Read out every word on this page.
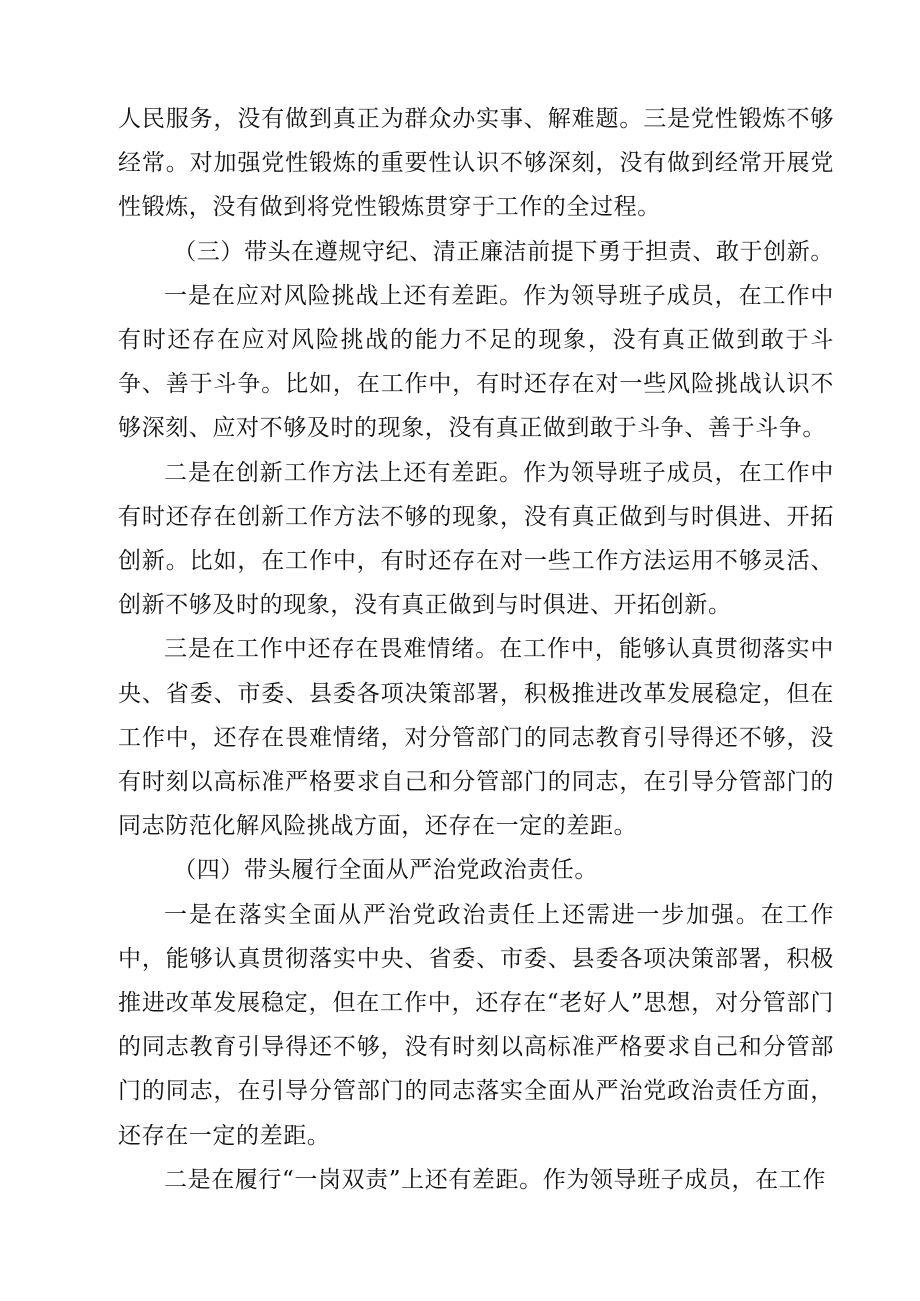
人民服务，没有做到真正为群众办实事、解难题。三是党性锻炼不够经常。对加强党性锻炼的重要性认识不够深刻，没有做到经常开展党性锻炼，没有做到将党性锻炼贯穿于工作的全过程。

（三）带头在遵规守纪、清正廉洁前提下勇于担责、敢于创新。

一是在应对风险挑战上还有差距。作为领导班子成员，在工作中有时还存在应对风险挑战的能力不足的现象，没有真正做到敢于斗争、善于斗争。比如，在工作中，有时还存在对一些风险挑战认识不够深刻、应对不够及时的现象，没有真正做到敢于斗争、善于斗争。

二是在创新工作方法上还有差距。作为领导班子成员，在工作中有时还存在创新工作方法不够的现象，没有真正做到与时俱进、开拓创新。比如，在工作中，有时还存在对一些工作方法运用不够灵活、创新不够及时的现象，没有真正做到与时俱进、开拓创新。

三是在工作中还存在畏难情绪。在工作中，能够认真贯彻落实中央、省委、市委、县委各项决策部署，积极推进改革发展稳定，但在工作中，还存在畏难情绪，对分管部门的同志教育引导得还不够，没有时刻以高标准严格要求自己和分管部门的同志，在引导分管部门的同志防范化解风险挑战方面，还存在一定的差距。

（四）带头履行全面从严治党政治责任。

一是在落实全面从严治党政治责任上还需进一步加强。在工作中，能够认真贯彻落实中央、省委、市委、县委各项决策部署，积极推进改革发展稳定，但在工作中，还存在“老好人”思想，对分管部门的同志教育引导得还不够，没有时刻以高标准严格要求自己和分管部门的同志，在引导分管部门的同志落实全面从严治党政治责任方面，还存在一定的差距。

二是在履行“一岗双责”上还有差距。作为领导班子成员，在工作
